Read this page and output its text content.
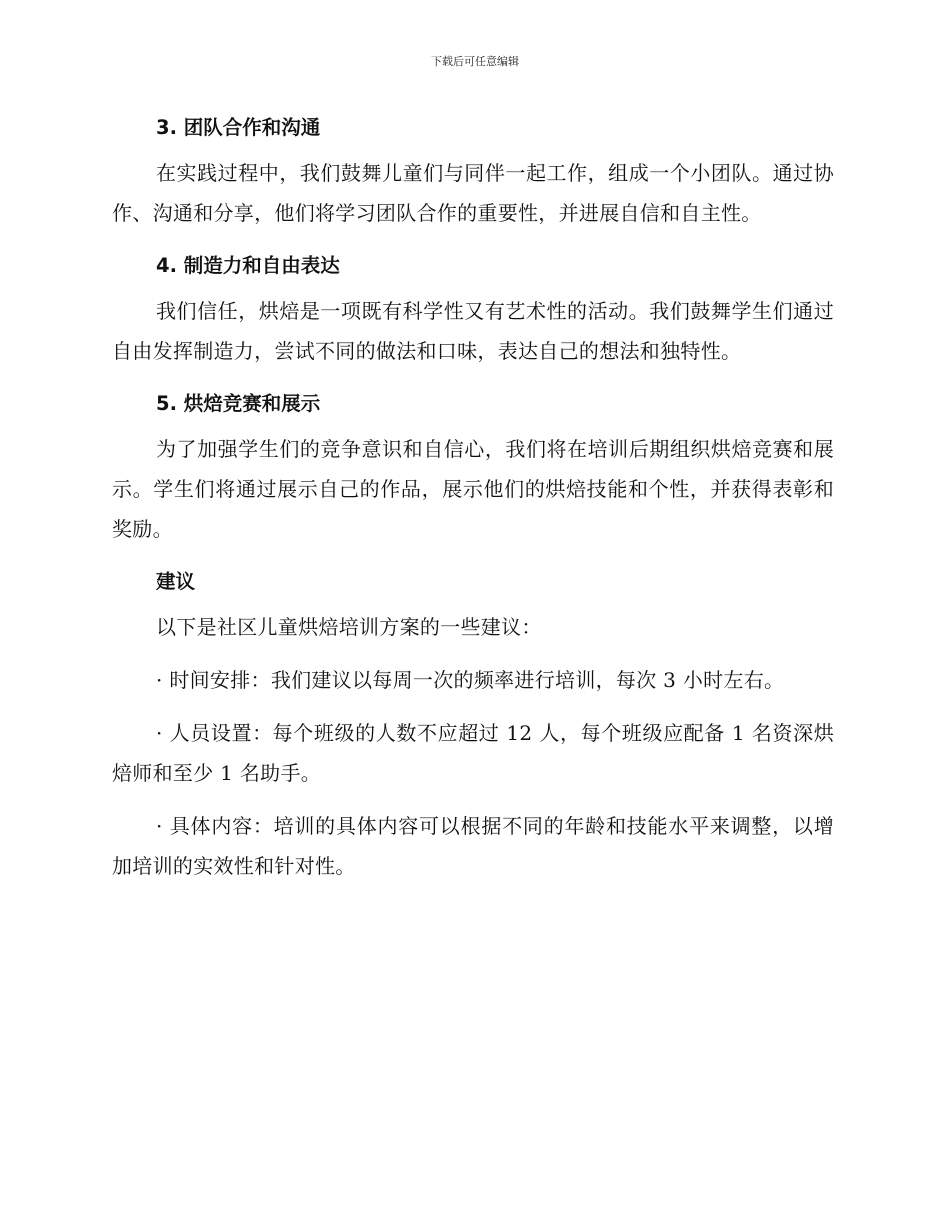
下载后可任意编辑
3. 团队合作和沟通

在实践过程中，我们鼓舞儿童们与同伴一起工作，组成一个小团队。通过协作、沟通和分享，他们将学习团队合作的重要性，并进展自信和自主性。

4. 制造力和自由表达

我们信任，烘焙是一项既有科学性又有艺术性的活动。我们鼓舞学生们通过自由发挥制造力，尝试不同的做法和口味，表达自己的想法和独特性。

5. 烘焙竞赛和展示

为了加强学生们的竞争意识和自信心，我们将在培训后期组织烘焙竞赛和展示。学生们将通过展示自己的作品，展示他们的烘焙技能和个性，并获得表彰和奖励。

建议

以下是社区儿童烘焙培训方案的一些建议：

· 时间安排：我们建议以每周一次的频率进行培训，每次 3 小时左右。

· 人员设置：每个班级的人数不应超过 12 人，每个班级应配备 1 名资深烘焙师和至少 1 名助手。

· 具体内容：培训的具体内容可以根据不同的年龄和技能水平来调整，以增加培训的实效性和针对性。
